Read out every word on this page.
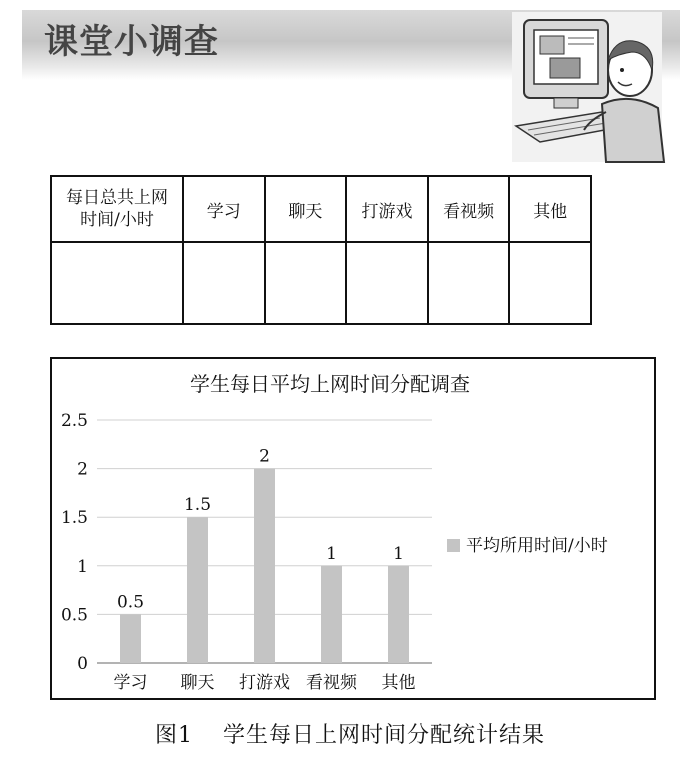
课堂小调查
每日总共上网
时间/小时	学习	聊天	打游戏	看视频	其他

学生每日平均上网时间分配调查
0
0.5
1
1.5
2
2.5
0.5
学习
1.5
聊天
2
打游戏
1
看视频
1
其他
平均所用时间/小时
图1 学生每日上网时间分配统计结果
